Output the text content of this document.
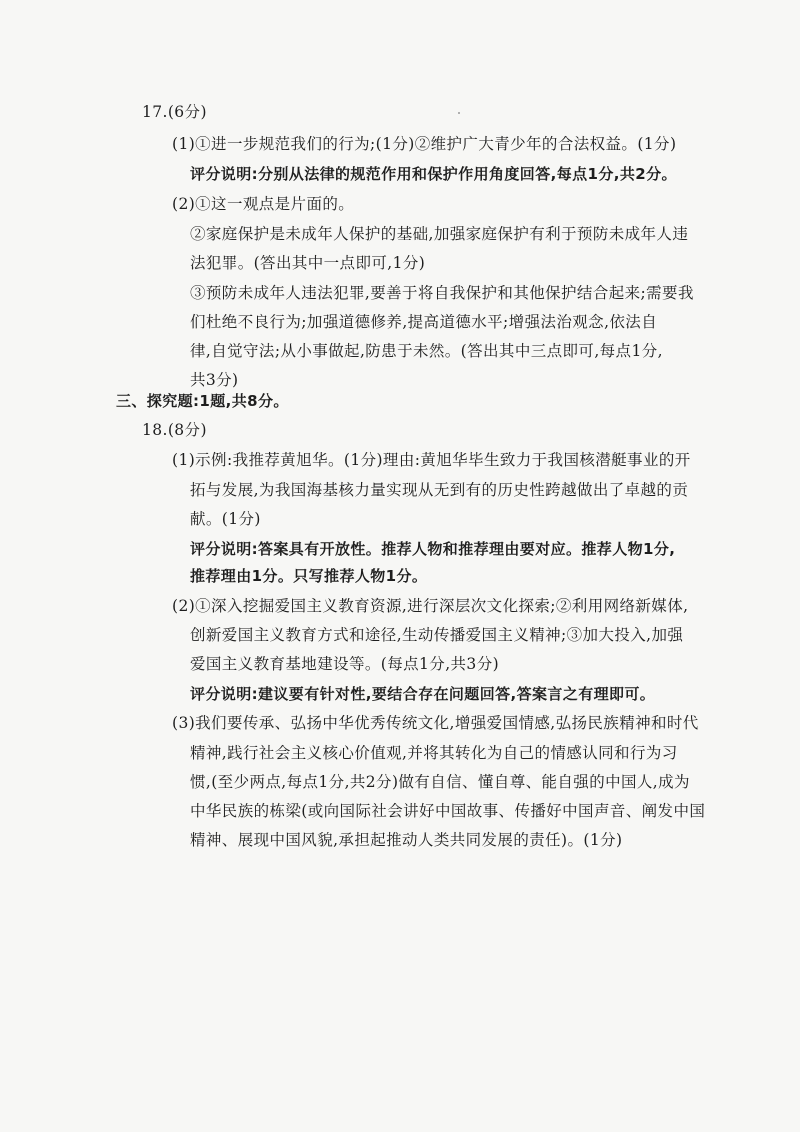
17.(6分)
(1)①进一步规范我们的行为;(1分)②维护广大青少年的合法权益。(1分)
评分说明:分别从法律的规范作用和保护作用角度回答,每点1分,共2分。
(2)①这一观点是片面的。
②家庭保护是未成年人保护的基础,加强家庭保护有利于预防未成年人违
法犯罪。(答出其中一点即可,1分)
③预防未成年人违法犯罪,要善于将自我保护和其他保护结合起来;需要我
们杜绝不良行为;加强道德修养,提高道德水平;增强法治观念,依法自
律,自觉守法;从小事做起,防患于未然。(答出其中三点即可,每点1分,
共3分)
三、探究题:1题,共8分。
18.(8分)
(1)示例:我推荐黄旭华。(1分)理由:黄旭华毕生致力于我国核潜艇事业的开
拓与发展,为我国海基核力量实现从无到有的历史性跨越做出了卓越的贡
献。(1分)
评分说明:答案具有开放性。推荐人物和推荐理由要对应。推荐人物1分,
推荐理由1分。只写推荐人物1分。
(2)①深入挖掘爱国主义教育资源,进行深层次文化探索;②利用网络新媒体,
创新爱国主义教育方式和途径,生动传播爱国主义精神;③加大投入,加强
爱国主义教育基地建设等。(每点1分,共3分)
评分说明:建议要有针对性,要结合存在问题回答,答案言之有理即可。
(3)我们要传承、弘扬中华优秀传统文化,增强爱国情感,弘扬民族精神和时代
精神,践行社会主义核心价值观,并将其转化为自己的情感认同和行为习
惯,(至少两点,每点1分,共2分)做有自信、懂自尊、能自强的中国人,成为
中华民族的栋梁(或向国际社会讲好中国故事、传播好中国声音、阐发中国
精神、展现中国风貌,承担起推动人类共同发展的责任)。(1分)
